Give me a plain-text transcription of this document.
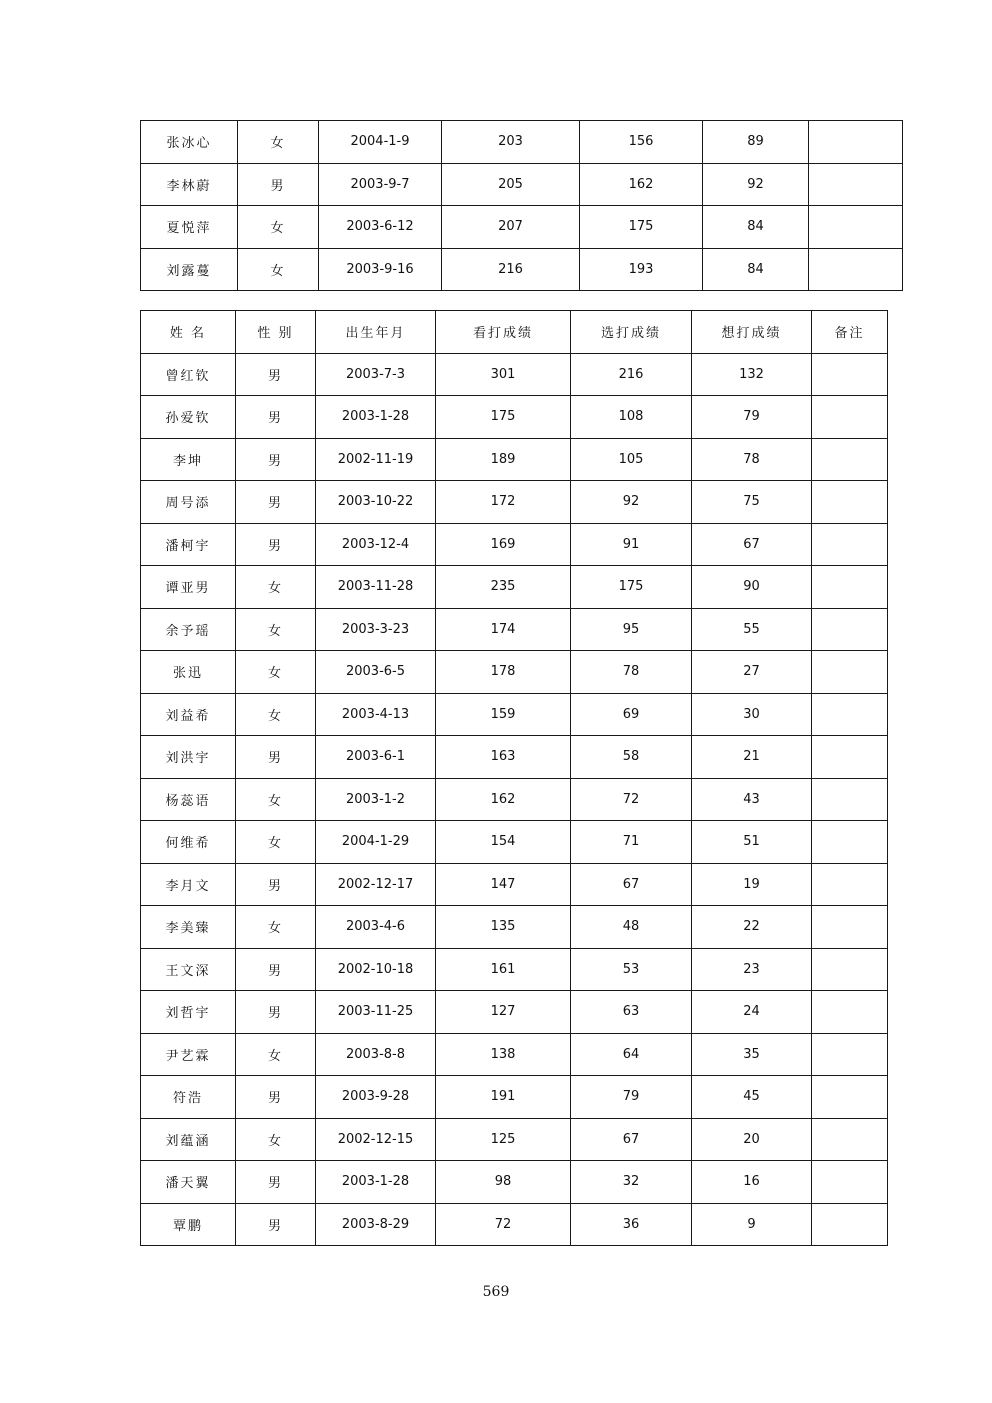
张冰心	女	2004-1-9	203	156	89	
李林蔚	男	2003-9-7	205	162	92	
夏悦萍	女	2003-6-12	207	175	84	
刘露蔓	女	2003-9-16	216	193	84	
姓 名	性 别	出生年月	看打成绩	选打成绩	想打成绩	备注
曾红钦	男	2003-7-3	301	216	132	
孙爱钦	男	2003-1-28	175	108	79	
李坤	男	2002-11-19	189	105	78	
周号添	男	2003-10-22	172	92	75	
潘柯宇	男	2003-12-4	169	91	67	
谭亚男	女	2003-11-28	235	175	90	
余予瑶	女	2003-3-23	174	95	55	
张迅	女	2003-6-5	178	78	27	
刘益希	女	2003-4-13	159	69	30	
刘洪宇	男	2003-6-1	163	58	21	
杨蕊语	女	2003-1-2	162	72	43	
何维希	女	2004-1-29	154	71	51	
李月文	男	2002-12-17	147	67	19	
李美臻	女	2003-4-6	135	48	22	
王文深	男	2002-10-18	161	53	23	
刘哲宇	男	2003-11-25	127	63	24	
尹艺霖	女	2003-8-8	138	64	35	
符浩	男	2003-9-28	191	79	45	
刘蕴涵	女	2002-12-15	125	67	20	
潘天翼	男	2003-1-28	98	32	16	
覃鹏	男	2003-8-29	72	36	9	
569
